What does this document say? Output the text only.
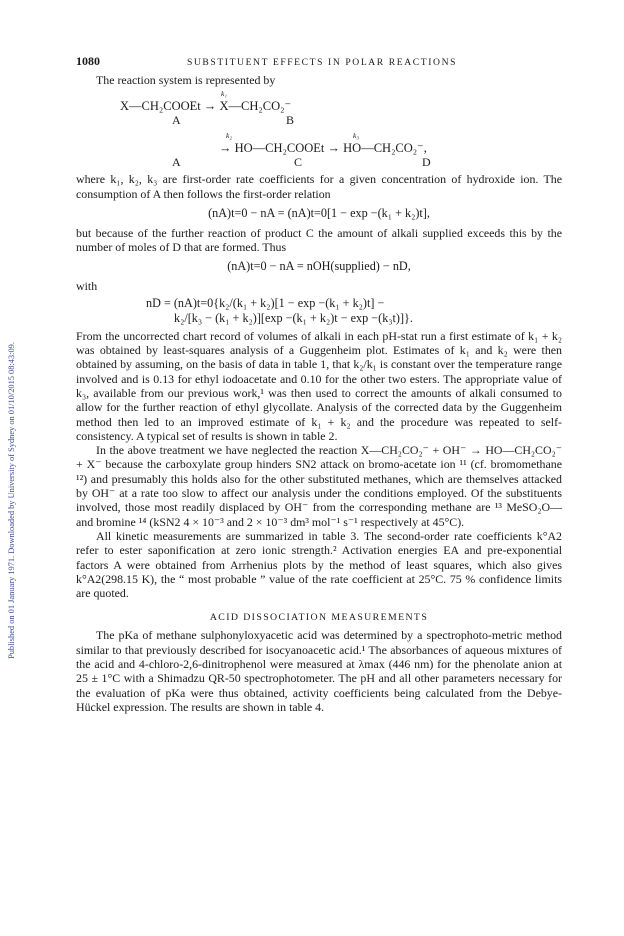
Published on 01 January 1971. Downloaded by University of Sydney on 01/10/2015 08:43:09.
1080	SUBSTITUENT EFFECTS IN POLAR REACTIONS

The reaction system is represented by

k₁
X—CH₂COOEt → X—CH₂CO₂⁻
A	B
k₂	k₃
→ HO—CH₂COOEt → HO—CH₂CO₂⁻,
A	C	D

where k₁, k₂, k₃ are first-order rate coefficients for a given concentration of hydroxide ion. The consumption of A then follows the first-order relation

(nA)t=0 − nA = (nA)t=0[1 − exp −(k₁ + k₂)t],

but because of the further reaction of product C the amount of alkali supplied exceeds this by the number of moles of D that are formed. Thus

(nA)t=0 − nA = nOH(supplied) − nD,

with

nD = (nA)t=0{k₂/(k₁ + k₂)[1 − exp −(k₁ + k₂)t] −
k₂/[k₃ − (k₁ + k₂)][exp −(k₁ + k₂)t − exp −(k₃t)]}.

From the uncorrected chart record of volumes of alkali in each pH-stat run a first estimate of k₁ + k₂ was obtained by least-squares analysis of a Guggenheim plot. Estimates of k₁ and k₂ were then obtained by assuming, on the basis of data in table 1, that k₂/k₁ is constant over the temperature range involved and is 0.13 for ethyl iodoacetate and 0.10 for the other two esters. The appropriate value of k₃, available from our previous work,¹ was then used to correct the amounts of alkali consumed to allow for the further reaction of ethyl glycollate. Analysis of the corrected data by the Guggenheim method then led to an improved estimate of k₁ + k₂ and the procedure was repeated to self-consistency. A typical set of results is shown in table 2.

In the above treatment we have neglected the reaction X—CH₂CO₂⁻ + OH⁻ → HO—CH₂CO₂⁻ + X⁻ because the carboxylate group hinders SN2 attack on bromo-acetate ion ¹¹ (cf. bromomethane ¹²) and presumably this holds also for the other substituted methanes, which are themselves attacked by OH⁻ at a rate too slow to affect our analysis under the conditions employed. Of the substituents involved, those most readily displaced by OH⁻ from the corresponding methane are ¹³ MeSO₂O— and bromine ¹⁴ (kSN2 4 × 10⁻³ and 2 × 10⁻³ dm³ mol⁻¹ s⁻¹ respectively at 45°C).

All kinetic measurements are summarized in table 3. The second-order rate coefficients k°A2 refer to ester saponification at zero ionic strength.² Activation energies EA and pre-exponential factors A were obtained from Arrhenius plots by the method of least squares, which also gives k°A2(298.15 K), the “ most probable ” value of the rate coefficient at 25°C. 75 % confidence limits are quoted.

ACID DISSOCIATION MEASUREMENTS

The pKa of methane sulphonyloxyacetic acid was determined by a spectrophoto-metric method similar to that previously described for isocyanoacetic acid.¹ The absorbances of aqueous mixtures of the acid and 4-chloro-2,6-dinitrophenol were measured at λmax (446 nm) for the phenolate anion at 25 ± 1°C with a Shimadzu QR-50 spectrophotometer. The pH and all other parameters necessary for the evaluation of pKa were thus obtained, activity coefficients being calculated from the Debye-Hückel expression. The results are shown in table 4.
